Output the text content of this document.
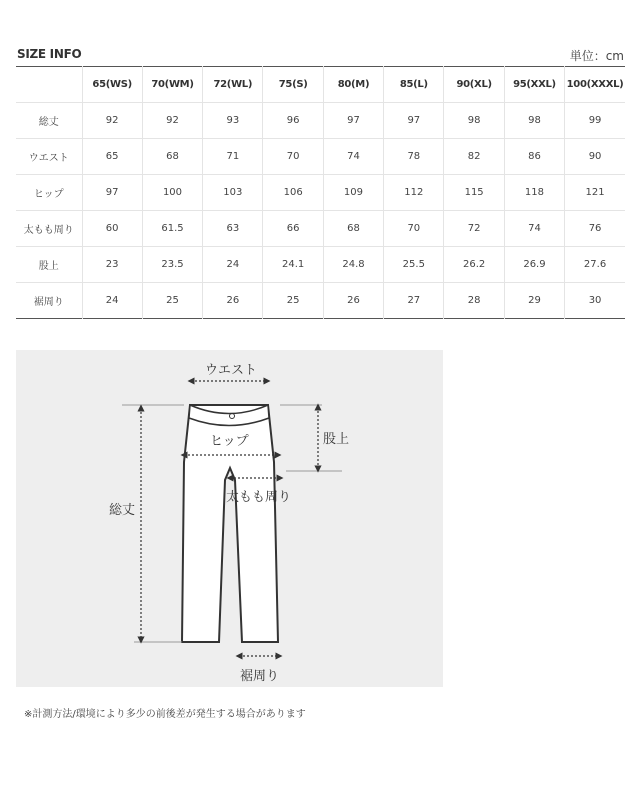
SIZE INFO	単位：cm
	65(WS)	70(WM)	72(WL)	75(S)	80(M)	85(L)	90(XL)	95(XXL)	100(XXXL)
総丈	92	92	93	96	97	97	98	98	99
ウエスト	65	68	71	70	74	78	82	86	90
ヒップ	97	100	103	106	109	112	115	118	121
太もも周り	60	61.5	63	66	68	70	72	74	76
股上	23	23.5	24	24.1	24.8	25.5	26.2	26.9	27.6
裾周り	24	25	26	25	26	27	28	29	30
ウエスト
ヒップ	股上
太もも周り
総丈
裾周り
※計測方法/環境により多少の前後差が発生する場合があります
